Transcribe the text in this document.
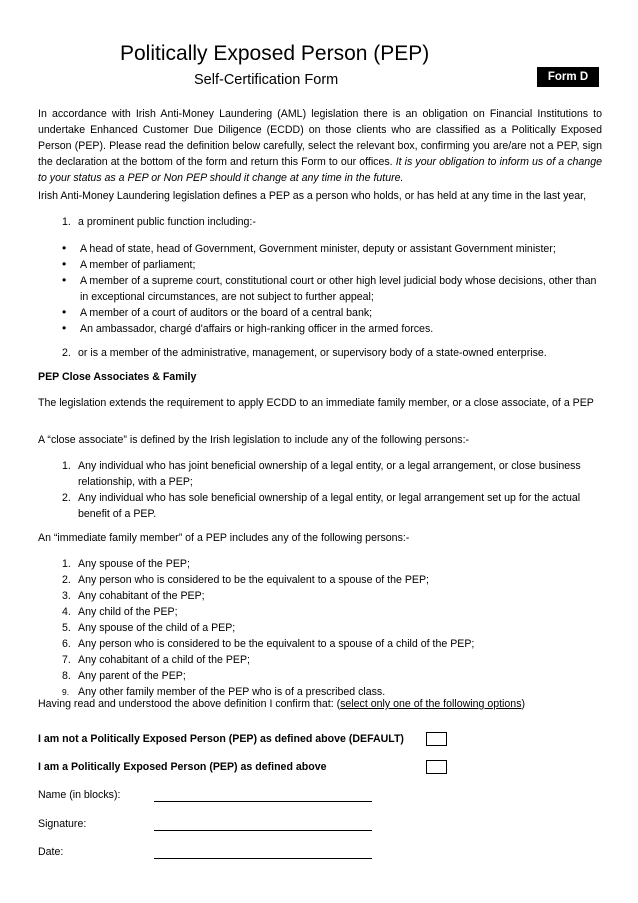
Politically Exposed Person (PEP)
Self-Certification Form	Form D
In accordance with Irish Anti-Money Laundering (AML) legislation there is an obligation on Financial Institutions to undertake Enhanced Customer Due Diligence (ECDD) on those clients who are classified as a Politically Exposed Person (PEP). Please read the definition below carefully, select the relevant box, confirming you are/are not a PEP, sign the declaration at the bottom of the form and return this Form to our offices. It is your obligation to inform us of a change to your status as a PEP or Non PEP should it change at any time in the future.
Irish Anti-Money Laundering legislation defines a PEP as a person who holds, or has held at any time in the last year,
1. a prominent public function including:-
• A head of state, head of Government, Government minister, deputy or assistant Government minister;
• A member of parliament;
• A member of a supreme court, constitutional court or other high level judicial body whose decisions, other than in exceptional circumstances, are not subject to further appeal;
• A member of a court of auditors or the board of a central bank;
• An ambassador, chargé d'affairs or high-ranking officer in the armed forces.
2. or is a member of the administrative, management, or supervisory body of a state-owned enterprise.
PEP Close Associates & Family
The legislation extends the requirement to apply ECDD to an immediate family member, or a close associate, of a PEP
A “close associate” is defined by the Irish legislation to include any of the following persons:-
1. Any individual who has joint beneficial ownership of a legal entity, or a legal arrangement, or close business relationship, with a PEP;
2. Any individual who has sole beneficial ownership of a legal entity, or legal arrangement set up for the actual benefit of a PEP.
An “immediate family member” of a PEP includes any of the following persons:-
1. Any spouse of the PEP;
2. Any person who is considered to be the equivalent to a spouse of the PEP;
3. Any cohabitant of the PEP;
4. Any child of the PEP;
5. Any spouse of the child of a PEP;
6. Any person who is considered to be the equivalent to a spouse of a child of the PEP;
7. Any cohabitant of a child of the PEP;
8. Any parent of the PEP;
9. Any other family member of the PEP who is of a prescribed class.
Having read and understood the above definition I confirm that: (select only one of the following options)
I am not a Politically Exposed Person (PEP) as defined above (DEFAULT)
I am a Politically Exposed Person (PEP) as defined above
Name (in blocks):
Signature:
Date:
